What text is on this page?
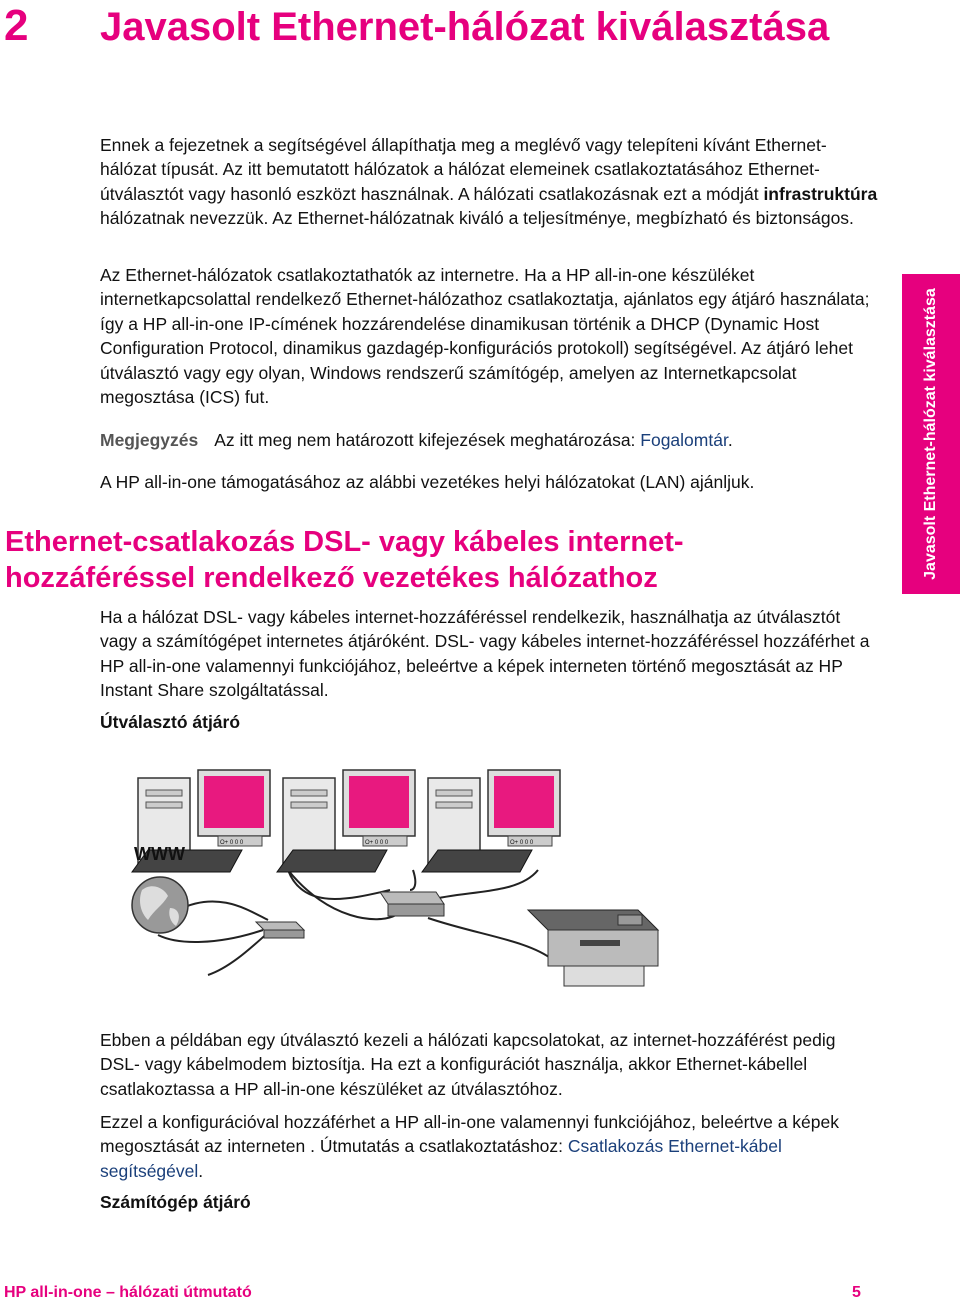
2 Javasolt Ethernet-hálózat kiválasztása

Ennek a fejezetnek a segítségével állapíthatja meg a meglévő vagy telepíteni kívánt Ethernet-hálózat típusát. Az itt bemutatott hálózatok a hálózat elemeinek csatlakoztatásához Ethernet-útválasztót vagy hasonló eszközt használnak. A hálózati csatlakozásnak ezt a módját infrastruktúra hálózatnak nevezzük. Az Ethernet-hálózatnak kiváló a teljesítménye, megbízható és biztonságos.

Az Ethernet-hálózatok csatlakoztathatók az internetre. Ha a HP all-in-one készüléket internetkapcsolattal rendelkező Ethernet-hálózathoz csatlakoztatja, ajánlatos egy átjáró használata; így a HP all-in-one IP-címének hozzárendelése dinamikusan történik a DHCP (Dynamic Host Configuration Protocol, dinamikus gazdagép-konfigurációs protokoll) segítségével. Az átjáró lehet útválasztó vagy egy olyan, Windows rendszerű számítógép, amelyen az Internetkapcsolat megosztása (ICS) fut.

Megjegyzés Az itt meg nem határozott kifejezések meghatározása: Fogalomtár.

A HP all-in-one támogatásához az alábbi vezetékes helyi hálózatokat (LAN) ajánljuk.

Ethernet-csatlakozás DSL- vagy kábeles internet-hozzáféréssel rendelkező vezetékes hálózathoz

Ha a hálózat DSL- vagy kábeles internet-hozzáféréssel rendelkezik, használhatja az útválasztót vagy a számítógépet internetes átjáróként. DSL- vagy kábeles internet-hozzáféréssel hozzáférhet a HP all-in-one valamennyi funkciójához, beleértve a képek interneten történő megosztását az HP Instant Share szolgáltatással.

Útválasztó átjáró

O+ 0 0 0	O+ 0 0 0	O+ 0 0 0
WWW

Ebben a példában egy útválasztó kezeli a hálózati kapcsolatokat, az internet-hozzáférést pedig DSL- vagy kábelmodem biztosítja. Ha ezt a konfigurációt használja, akkor Ethernet-kábellel csatlakoztassa a HP all-in-one készüléket az útválasztóhoz.

Ezzel a konfigurációval hozzáférhet a HP all-in-one valamennyi funkciójához, beleértve a képek megosztását az interneten . Útmutatás a csatlakoztatáshoz: Csatlakozás Ethernet-kábel segítségével.

Számítógép átjáró

Javasolt Ethernet-hálózat kiválasztása
HP all-in-one – hálózati útmutató	5
